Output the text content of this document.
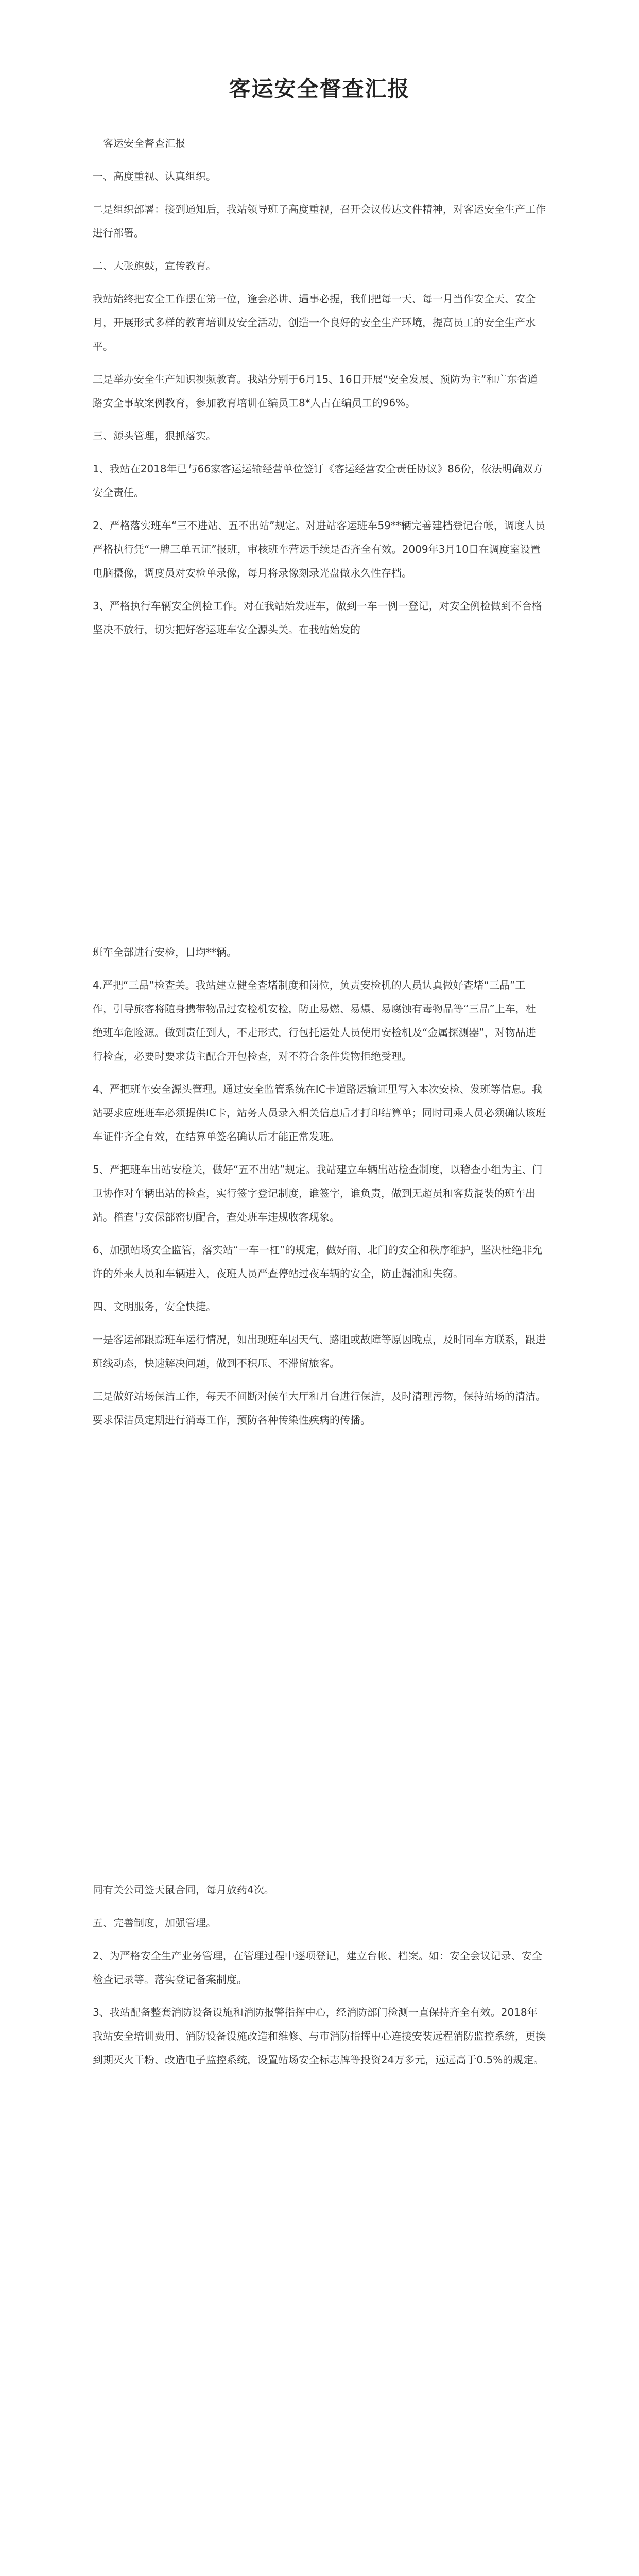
客运安全督查汇报

客运安全督查汇报

一、高度重视、认真组织。

二是组织部署：接到通知后，我站领导班子高度重视，召开会议传达文件精神，对客运安全生产工作进行部署。

二、大张旗鼓，宣传教育。

我站始终把安全工作摆在第一位，逢会必讲、遇事必提，我们把每一天、每一月当作安全天、安全月，开展形式多样的教育培训及安全活动，创造一个良好的安全生产环境，提高员工的安全生产水平。

三是举办安全生产知识视频教育。我站分别于6月15、16日开展“安全发展、预防为主”和广东省道路安全事故案例教育，参加教育培训在编员工8*人占在编员工的96%。

三、源头管理，狠抓落实。

1、我站在2018年已与66家客运运输经营单位签订《客运经营安全责任协议》86份，依法明确双方安全责任。

2、严格落实班车“三不进站、五不出站”规定。对进站客运班车59**辆完善建档登记台帐，调度人员严格执行凭“一牌三单五证”报班，审核班车营运手续是否齐全有效。2009年3月10日在调度室设置电脑摄像，调度员对安检单录像，每月将录像刻录光盘做永久性存档。

3、严格执行车辆安全例检工作。对在我站始发班车，做到一车一例一登记，对安全例检做到不合格坚决不放行，切实把好客运班车安全源头关。在我站始发的

班车全部进行安检，日均**辆。

4.严把“三品”检查关。我站建立健全查堵制度和岗位，负责安检机的人员认真做好查堵“三品”工作，引导旅客将随身携带物品过安检机安检，防止易燃、易爆、易腐蚀有毒物品等“三品”上车，杜绝班车危险源。做到责任到人，不走形式，行包托运处人员使用安检机及“金属探测器”，对物品进行检查，必要时要求货主配合开包检查，对不符合条件货物拒绝受理。

4、严把班车安全源头管理。通过安全监管系统在IC卡道路运输证里写入本次安检、发班等信息。我站要求应班班车必须提供IC卡，站务人员录入相关信息后才打印结算单；同时司乘人员必须确认该班车证件齐全有效，在结算单签名确认后才能正常发班。

5、严把班车出站安检关，做好“五不出站”规定。我站建立车辆出站检查制度，以稽查小组为主、门卫协作对车辆出站的检查，实行签字登记制度，谁签字，谁负责，做到无超员和客货混装的班车出站。稽查与安保部密切配合，查处班车违规收客现象。

6、加强站场安全监管，落实站“一车一杠”的规定，做好南、北门的安全和秩序维护，坚决杜绝非允许的外来人员和车辆进入，夜班人员严查停站过夜车辆的安全，防止漏油和失窃。

四、文明服务，安全快捷。

一是客运部跟踪班车运行情况，如出现班车因天气、路阻或故障等原因晚点，及时同车方联系，跟进班线动态，快速解决问题，做到不积压、不滞留旅客。

三是做好站场保洁工作，每天不间断对候车大厅和月台进行保洁，及时清理污物，保持站场的清洁。要求保洁员定期进行消毒工作，预防各种传染性疾病的传播。

同有关公司签天鼠合同，每月放药4次。

五、完善制度，加强管理。

2、为严格安全生产业务管理，在管理过程中逐项登记，建立台帐、档案。如：安全会议记录、安全检查记录等。落实登记备案制度。

3、我站配备整套消防设备设施和消防报警指挥中心，经消防部门检测一直保持齐全有效。2018年我站安全培训费用、消防设备设施改造和维修、与市消防指挥中心连接安装远程消防监控系统，更换到期灭火干粉、改造电子监控系统，设置站场安全标志牌等投资24万多元，远远高于0.5%的规定。
